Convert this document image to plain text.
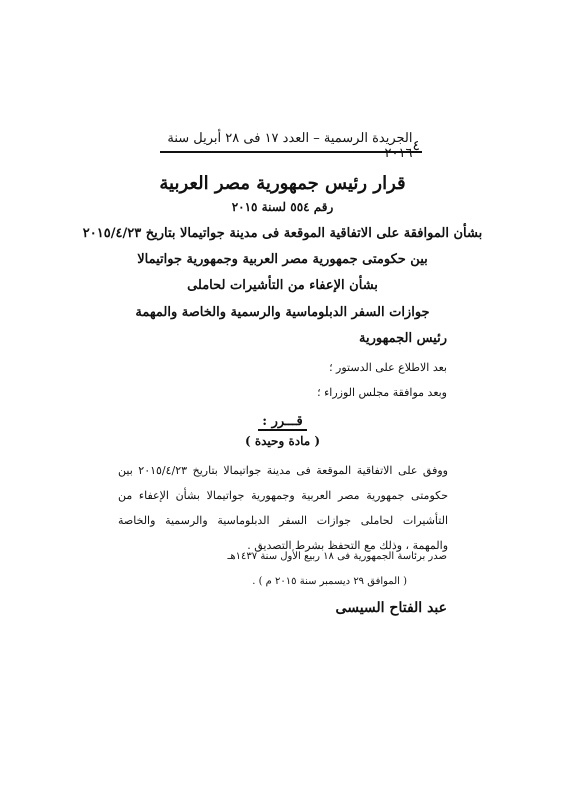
٤
الجريدة الرسمية – العدد ١٧ فى ٢٨ أبريل سنة ٢٠١٦
قرار رئيس جمهورية مصر العربية
رقم ٥٥٤ لسنة ٢٠١٥
بشأن الموافقة على الاتفاقية الموقعة فى مدينة جواتيمالا بتاريخ ٢٠١٥/٤/٢٣
بين حكومتى جمهورية مصر العربية وجمهورية جواتيمالا
بشأن الإعفاء من التأشيرات لحاملى
جوازات السفر الدبلوماسية والرسمية والخاصة والمهمة
رئيس الجمهورية
بعد الاطلاع على الدستور ؛
وبعد موافقة مجلس الوزراء ؛
قـــرر :
( مادة وحيدة )
ووفق على الاتفاقية الموقعة فى مدينة جواتيمالا بتاريخ ٢٠١٥/٤/٢٣ بين حكومتى جمهورية مصر العربية وجمهورية جواتيمالا بشأن الإعفاء من التأشيرات لحاملى جوازات السفر الدبلوماسية والرسمية والخاصة والمهمة ، وذلك مع التحفظ بشرط التصديق .
صدر برئاسة الجمهورية فى ١٨ ربيع الأول سنة ١٤٣٧هـ
( الموافق ٢٩ ديسمبر سنة ٢٠١٥ م ) .
عبد الفتاح السيسى
